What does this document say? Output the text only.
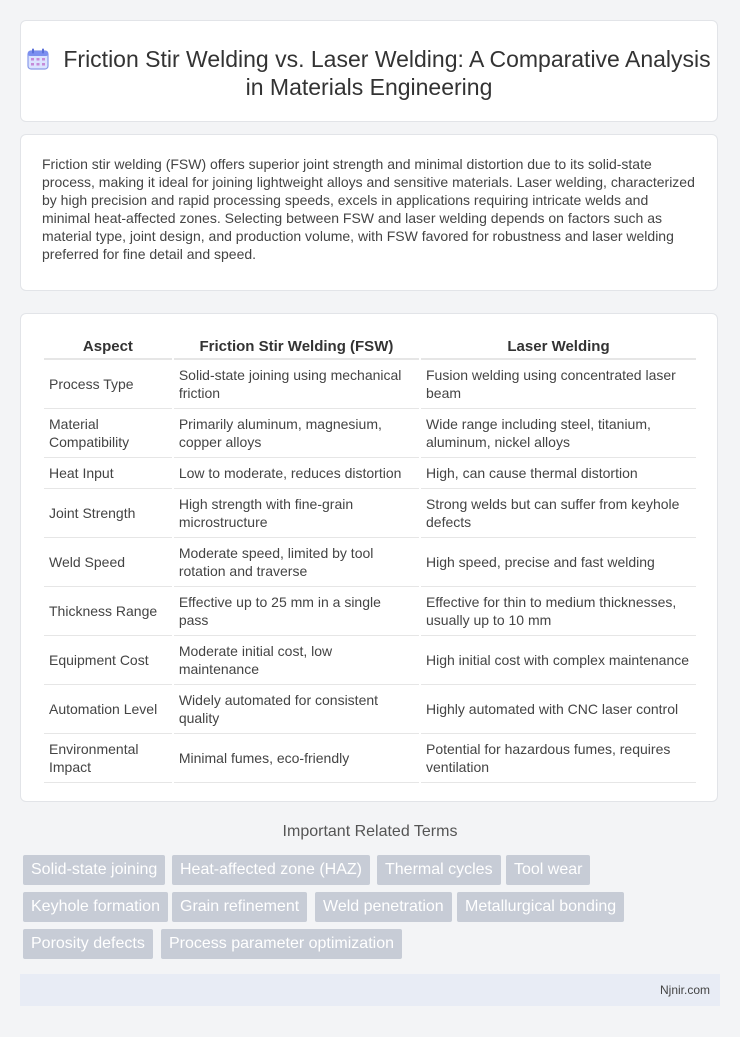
Friction Stir Welding vs. Laser Welding: A Comparative Analysis in Materials Engineering
Friction stir welding (FSW) offers superior joint strength and minimal distortion due to its solid-state process, making it ideal for joining lightweight alloys and sensitive materials. Laser welding, characterized by high precision and rapid processing speeds, excels in applications requiring intricate welds and minimal heat-affected zones. Selecting between FSW and laser welding depends on factors such as material type, joint design, and production volume, with FSW favored for robustness and laser welding preferred for fine detail and speed.
Aspect	Friction Stir Welding (FSW)	Laser Welding
Process Type	Solid-state joining using mechanical friction	Fusion welding using concentrated laser beam
Material Compatibility	Primarily aluminum, magnesium, copper alloys	Wide range including steel, titanium, aluminum, nickel alloys
Heat Input	Low to moderate, reduces distortion	High, can cause thermal distortion
Joint Strength	High strength with fine-grain microstructure	Strong welds but can suffer from keyhole defects
Weld Speed	Moderate speed, limited by tool rotation and traverse	High speed, precise and fast welding
Thickness Range	Effective up to 25 mm in a single pass	Effective for thin to medium thicknesses, usually up to 10 mm
Equipment Cost	Moderate initial cost, low maintenance	High initial cost with complex maintenance
Automation Level	Widely automated for consistent quality	Highly automated with CNC laser control
Environmental Impact	Minimal fumes, eco-friendly	Potential for hazardous fumes, requires ventilation
Important Related Terms
Solid-state joining	Heat-affected zone (HAZ)	Thermal cycles	Tool wear
Keyhole formation	Grain refinement	Weld penetration	Metallurgical bonding
Porosity defects	Process parameter optimization
Njnir.com
